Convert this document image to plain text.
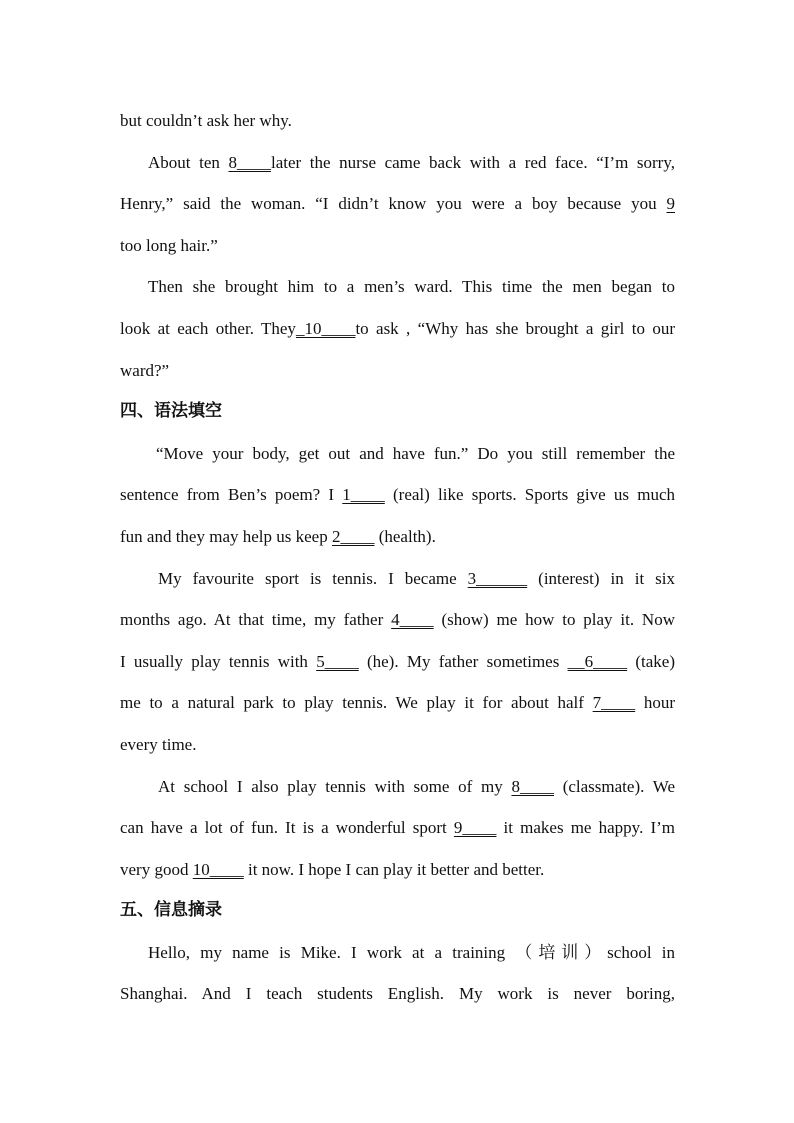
but couldn’t ask her why.
About ten 8____later the nurse came back with a red face. “I’m sorry,
Henry,” said the woman. “I didn’t know you were a boy because you 9
too long hair.”
Then she brought him to a men’s ward. This time the men began to
look at each other. They_10____to ask , “Why has she brought a girl to our
ward?”
四、语法填空
“Move your body, get out and have fun.” Do you still remember the
sentence from Ben’s poem? I 1____ (real) like sports. Sports give us much
fun and they may help us keep 2____ (health).
My favourite sport is tennis. I became 3______ (interest) in it six
months ago. At that time, my father 4____ (show) me how to play it. Now
I usually play tennis with 5____ (he). My father sometimes __6____ (take)
me to a natural park to play tennis. We play it for about half 7____ hour
every time.
At school I also play tennis with some of my 8____ (classmate). We
can have a lot of fun. It is a wonderful sport 9____ it makes me happy. I’m
very good 10____ it now. I hope I can play it better and better.
五、信息摘录
Hello, my name is Mike. I work at a training （培训）school in
Shanghai. And I teach students English. My work is never boring,
